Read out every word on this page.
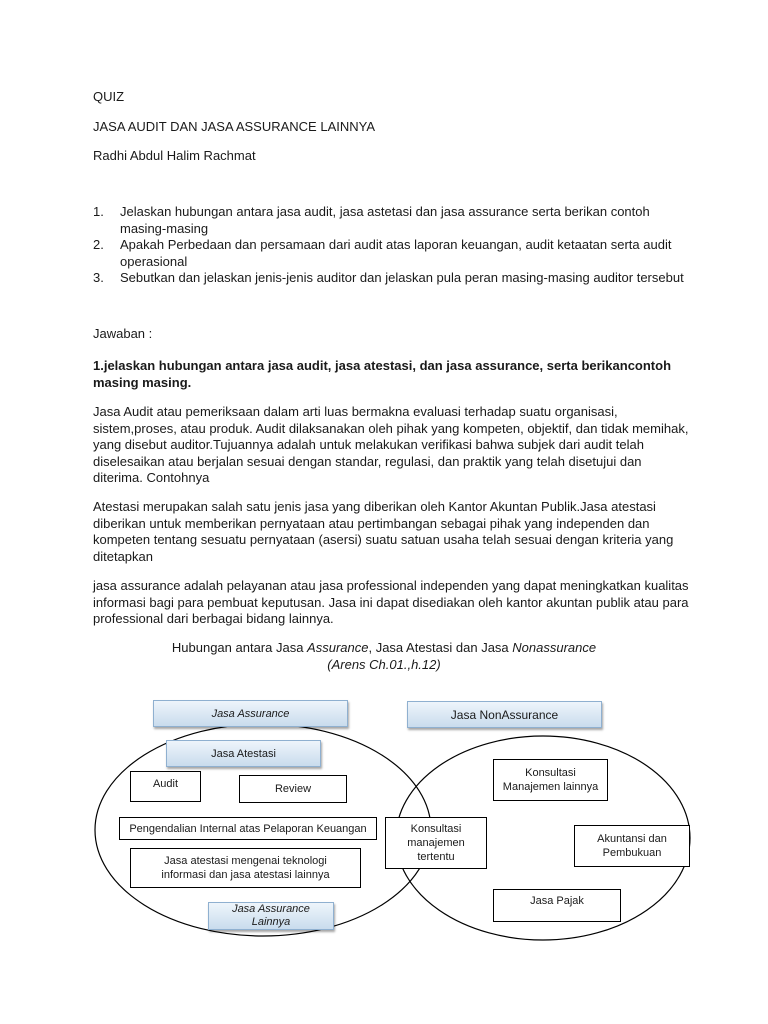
QUIZ
JASA AUDIT DAN JASA ASSURANCE LAINNYA
Radhi Abdul Halim Rachmat
1.	Jelaskan hubungan antara jasa audit, jasa astetasi dan jasa assurance serta berikan contoh masing-masing
2.	Apakah Perbedaan dan persamaan dari audit atas laporan keuangan, audit ketaatan serta audit operasional
3.	Sebutkan dan jelaskan jenis-jenis auditor dan jelaskan pula peran masing-masing auditor tersebut
Jawaban :
1.jelaskan hubungan antara jasa audit, jasa atestasi, dan jasa assurance, serta berikancontoh masing masing.
Jasa Audit atau pemeriksaan dalam arti luas bermakna evaluasi terhadap suatu organisasi, sistem,proses, atau produk. Audit dilaksanakan oleh pihak yang kompeten, objektif, dan tidak memihak, yang disebut auditor.Tujuannya adalah untuk melakukan verifikasi bahwa subjek dari audit telah diselesaikan atau berjalan sesuai dengan standar, regulasi, dan praktik yang telah disetujui dan diterima. Contohnya
Atestasi merupakan salah satu jenis jasa yang diberikan oleh Kantor Akuntan Publik.Jasa atestasi diberikan untuk memberikan pernyataan atau pertimbangan sebagai pihak yang independen dan kompeten tentang sesuatu pernyataan (asersi) suatu satuan usaha telah sesuai dengan kriteria yang ditetapkan
jasa assurance adalah pelayanan atau jasa professional independen yang dapat meningkatkan kualitas informasi bagi para pembuat keputusan. Jasa ini dapat disediakan oleh kantor akuntan publik atau para professional dari berbagai bidang lainnya.
Hubungan antara Jasa Assurance, Jasa Atestasi dan Jasa Nonassurance
(Arens Ch.01.,h.12)
Jasa Assurance	Jasa NonAssurance
Jasa Atestasi
Audit	Review
Pengendalian Internal atas Pelaporan Keuangan
Jasa atestasi mengenai teknologi informasi dan jasa atestasi lainnya
Jasa Assurance Lainnya
Konsultasi Manajemen lainnya
Konsultasi manajemen tertentu
Akuntansi dan Pembukuan
Jasa Pajak
